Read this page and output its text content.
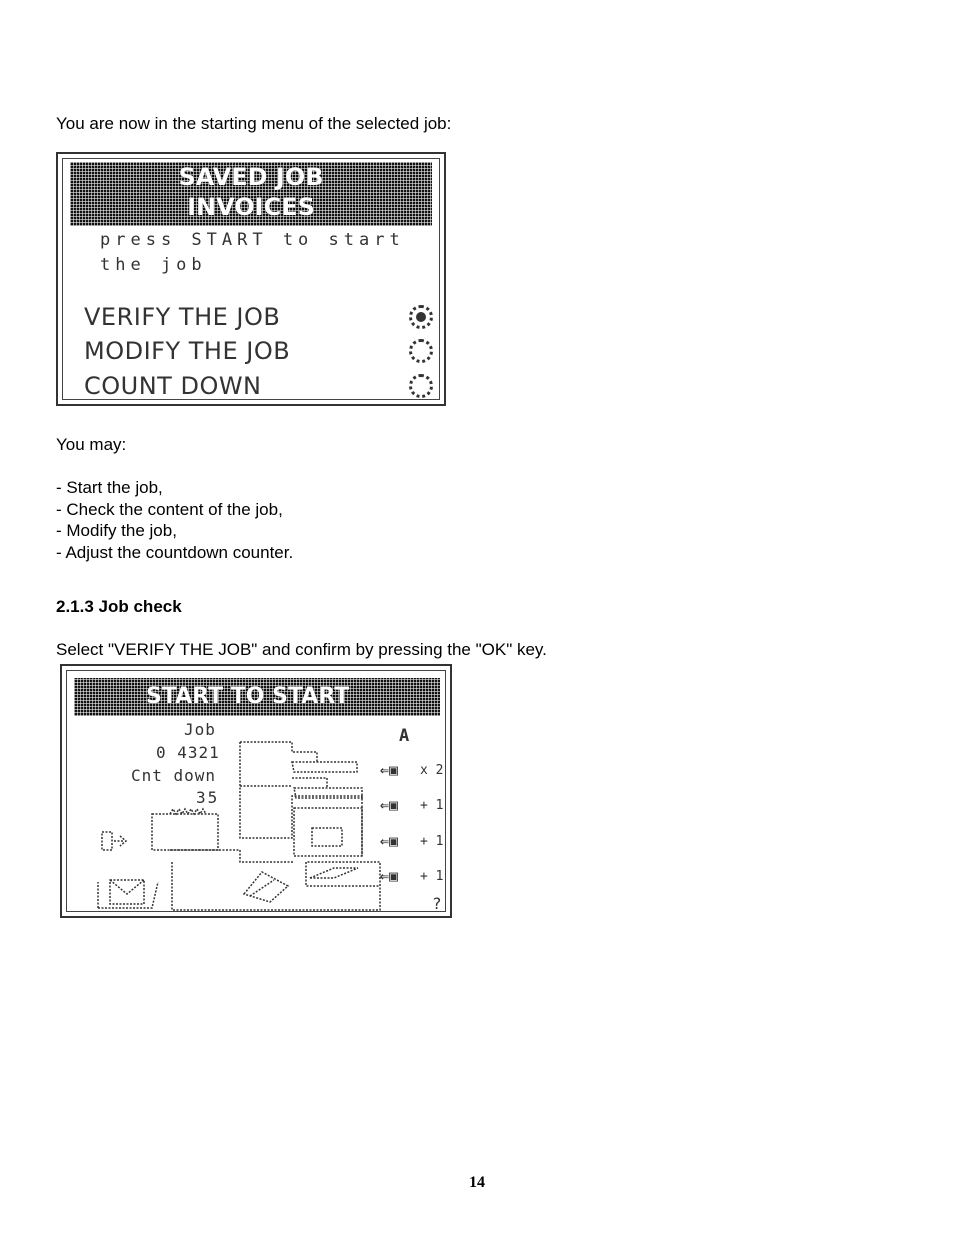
You are now in the starting menu of the selected job:
SAVED JOB
INVOICES
press START to start
the job
VERIFY THE JOB
MODIFY THE JOB
COUNT DOWN
You may:
- Start the job,
- Check the content of the job,
- Modify the job,
- Adjust the countdown counter.
2.1.3 Job check
Select "VERIFY THE JOB" and confirm by pressing the "OK" key.
START TO START
Job
0 4321
Cnt down
35
A
⇐▣ x 2
⇐▣ + 1
⇐▣ + 1
⇐▣ + 1
?
14
